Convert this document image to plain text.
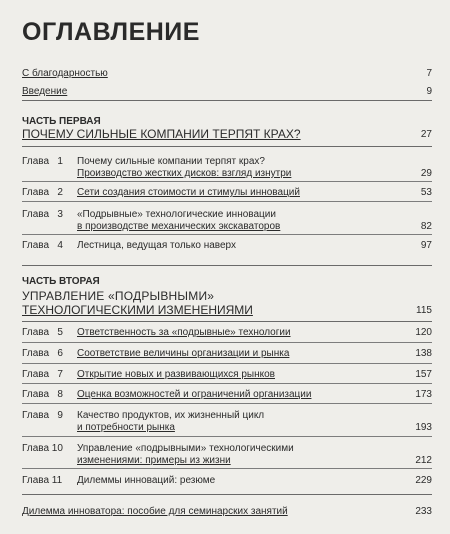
ОГЛАВЛЕНИЕ
С благодарностью	7
Введение	9
ЧАСТЬ ПЕРВАЯ
ПОЧЕМУ СИЛЬНЫЕ КОМПАНИИ ТЕРПЯТ КРАХ?	27
Глава 1 Почему сильные компании терпят крах?
Производство жестких дисков: взгляд изнутри	29
Глава 2 Сети создания стоимости и стимулы инноваций	53
Глава 3 «Подрывные» технологические инновации
в производстве механических экскаваторов	82
Глава 4 Лестница, ведущая только наверх	97
ЧАСТЬ ВТОРАЯ
УПРАВЛЕНИЕ «ПОДРЫВНЫМИ»
ТЕХНОЛОГИЧЕСКИМИ ИЗМЕНЕНИЯМИ	115
Глава 5 Ответственность за «подрывные» технологии	120
Глава 6 Соответствие величины организации и рынка	138
Глава 7 Открытие новых и развивающихся рынков	157
Глава 8 Оценка возможностей и ограничений организации	173
Глава 9 Качество продуктов, их жизненный цикл
и потребности рынка	193
Глава 10	Управление «подрывными» технологическими
изменениями: примеры из жизни	212
Глава 11	Дилеммы инноваций: резюме	229
Дилемма инноватора: пособие для семинарских занятий	233
